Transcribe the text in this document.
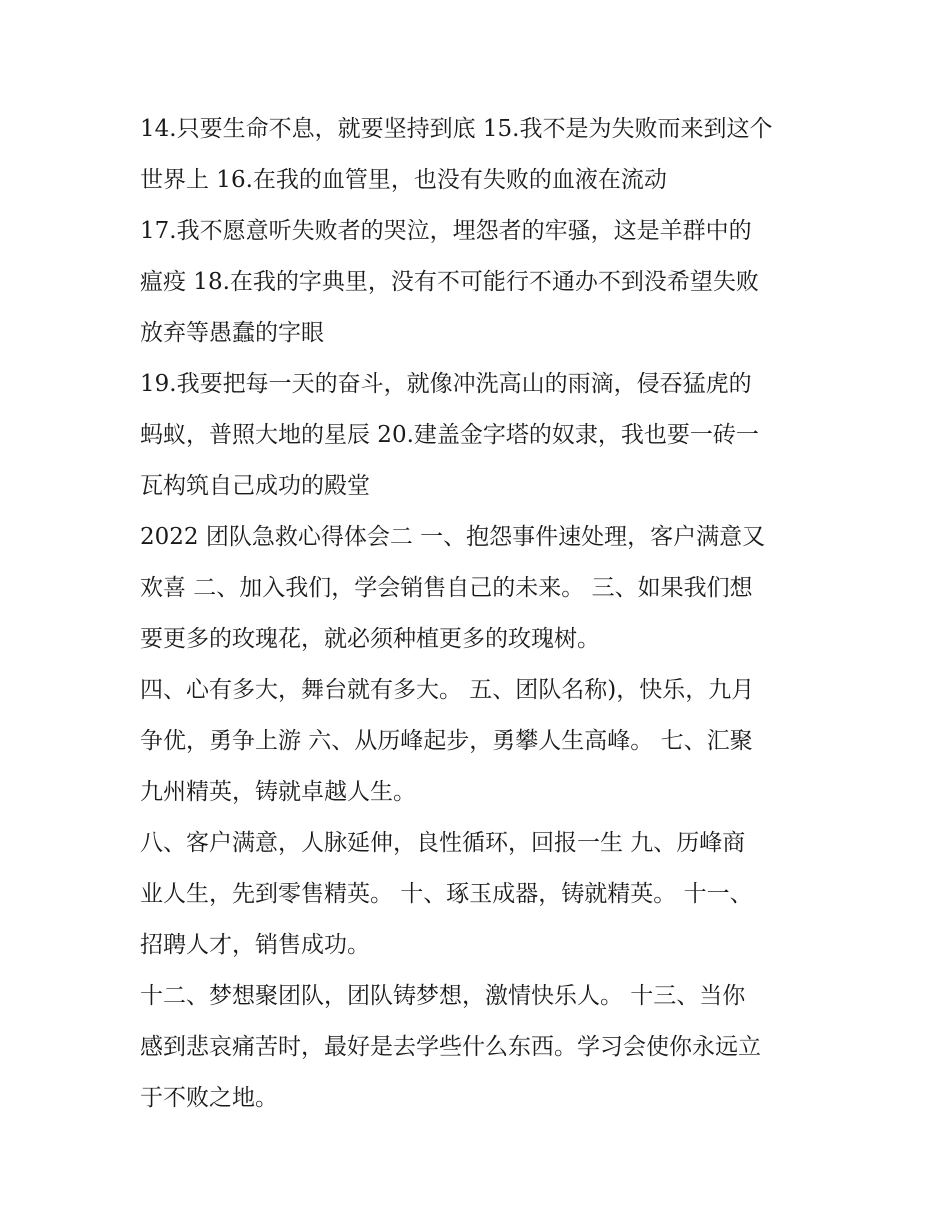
14.只要生命不息，就要坚持到底 15.我不是为失败而来到这个
世界上 16.在我的血管里，也没有失败的血液在流动
17.我不愿意听失败者的哭泣，埋怨者的牢骚，这是羊群中的
瘟疫 18.在我的字典里，没有不可能行不通办不到没希望失败
放弃等愚蠢的字眼
19.我要把每一天的奋斗，就像冲洗高山的雨滴，侵吞猛虎的
蚂蚁，普照大地的星辰 20.建盖金字塔的奴隶，我也要一砖一
瓦构筑自己成功的殿堂
2022 团队急救心得体会二 一、抱怨事件速处理，客户满意又
欢喜 二、加入我们，学会销售自己的未来。 三、如果我们想
要更多的玫瑰花，就必须种植更多的玫瑰树。
四、心有多大，舞台就有多大。 五、团队名称)，快乐，九月
争优，勇争上游 六、从历峰起步，勇攀人生高峰。 七、汇聚
九州精英，铸就卓越人生。
八、客户满意，人脉延伸，良性循环，回报一生 九、历峰商
业人生，先到零售精英。 十、琢玉成器，铸就精英。 十一、
招聘人才，销售成功。
十二、梦想聚团队，团队铸梦想，激情快乐人。 十三、当你
感到悲哀痛苦时，最好是去学些什么东西。学习会使你永远立
于不败之地。
